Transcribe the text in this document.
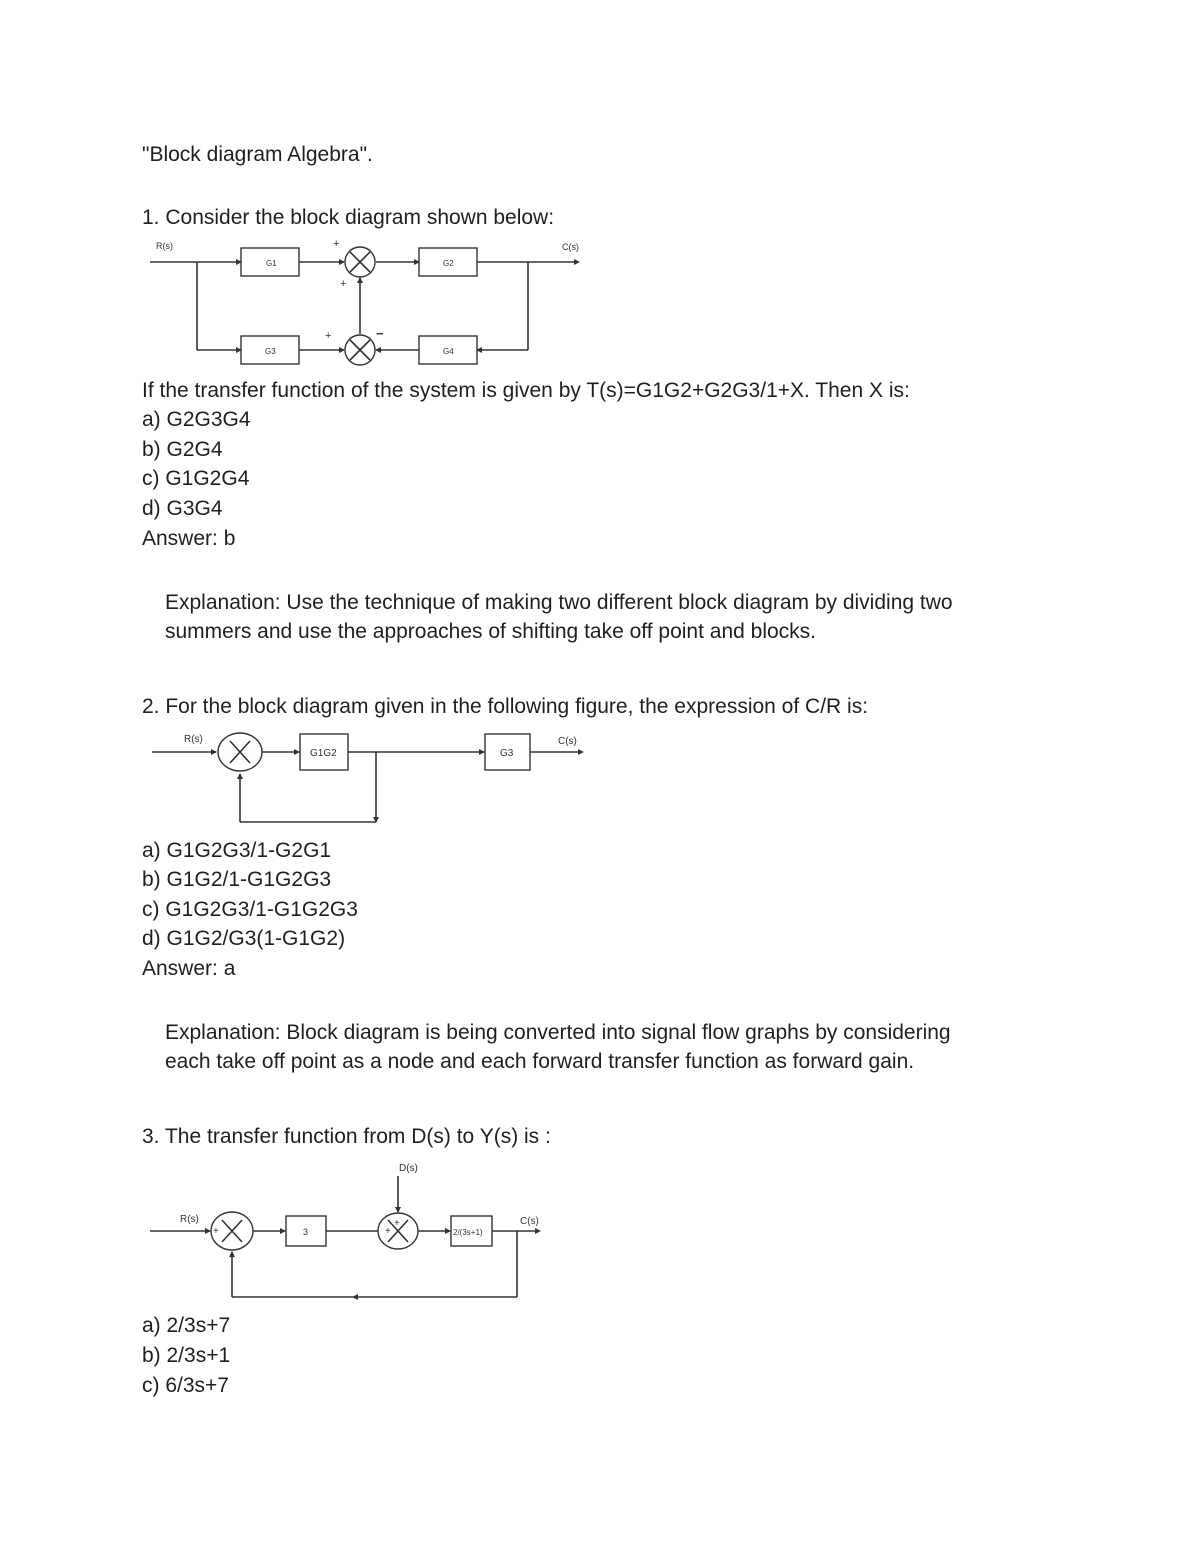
"Block diagram Algebra".
1. Consider the block diagram shown below:
R(s)	C(s)
G1	G2
G3	G4
+
+
+	−
If the transfer function of the system is given by T(s)=G1G2+G2G3/1+X. Then X is:
a) G2G3G4
b) G2G4
c) G1G2G4
d) G3G4
Answer: b
Explanation: Use the technique of making two different block diagram by dividing two
summers and use the approaches of shifting take off point and blocks.
2. For the block diagram given in the following figure, the expression of C/R is:
R(s)	C(s)
G1G2	G3
a) G1G2G3/1-G2G1
b) G1G2/1-G1G2G3
c) G1G2G3/1-G1G2G3
d) G1G2/G3(1-G1G2)
Answer: a
Explanation: Block diagram is being converted into signal flow graphs by considering
each take off point as a node and each forward transfer function as forward gain.
3. The transfer function from D(s) to Y(s) is :
D(s)
R(s)	C(s)
+	+
+
3	2/(3s+1)
a) 2/3s+7
b) 2/3s+1
c) 6/3s+7
